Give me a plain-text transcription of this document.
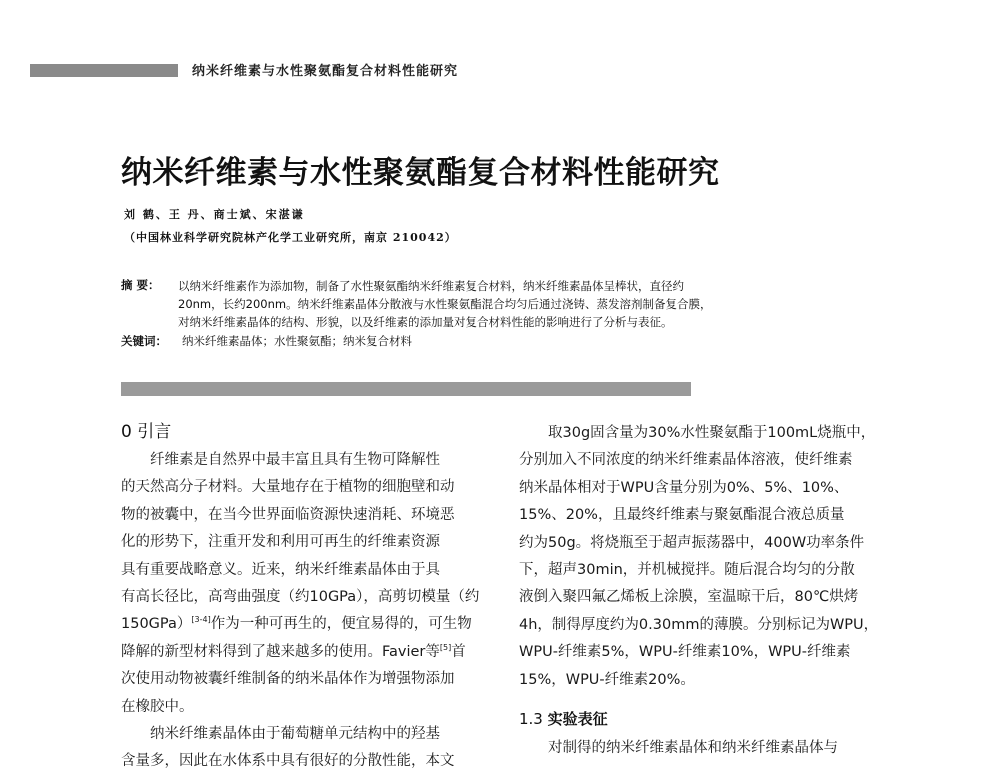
纳米纤维素与水性聚氨酯复合材料性能研究
纳米纤维素与水性聚氨酯复合材料性能研究
刘 鹤、王 丹、商士斌、宋湛谦
（中国林业科学研究院林产化学工业研究所，南京 210042）
摘 要： 以纳米纤维素作为添加物，制备了水性聚氨酯纳米纤维素复合材料，纳米纤维素晶体呈棒状，直径约
20nm，长约200nm。纳米纤维素晶体分散液与水性聚氨酯混合均匀后通过浇铸、蒸发溶剂制备复合膜，
对纳米纤维素晶体的结构、形貌，以及纤维素的添加量对复合材料性能的影响进行了分析与表征。
关键词： 纳米纤维素晶体；水性聚氨酯；纳米复合材料
0 引言
　　纤维素是自然界中最丰富且具有生物可降解性
的天然高分子材料。大量地存在于植物的细胞壁和动
物的被囊中，在当今世界面临资源快速消耗、环境恶
化的形势下，注重开发和利用可再生的纤维素资源
具有重要战略意义。近来，纳米纤维素晶体由于具
有高长径比，高弯曲强度（约10GPa），高剪切模量（约
150GPa）[3-4]作为一种可再生的，便宜易得的，可生物
降解的新型材料得到了越来越多的使用。Favier等[5]首
次使用动物被囊纤维制备的纳米晶体作为增强物添加
在橡胶中。
　　纳米纤维素晶体由于葡萄糖单元结构中的羟基
含量多，因此在水体系中具有很好的分散性能，本文
　　取30g固含量为30%水性聚氨酯于100mL烧瓶中，
分别加入不同浓度的纳米纤维素晶体溶液，使纤维素
纳米晶体相对于WPU含量分别为0%、5%、10%、
15%、20%，且最终纤维素与聚氨酯混合液总质量
约为50g。将烧瓶至于超声振荡器中，400W功率条件
下，超声30min，并机械搅拌。随后混合均匀的分散
液倒入聚四氟乙烯板上涂膜，室温晾干后，80℃烘烤
4h，制得厚度约为0.30mm的薄膜。分别标记为WPU，
WPU-纤维素5%，WPU-纤维素10%，WPU-纤维素
15%，WPU-纤维素20%。
1.3 实验表征
　　对制得的纳米纤维素晶体和纳米纤维素晶体与
